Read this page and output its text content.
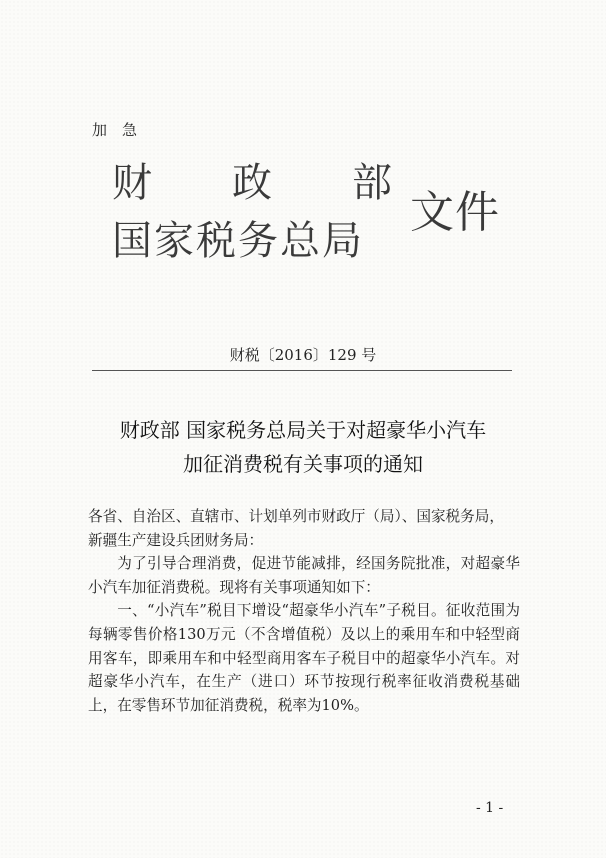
加急
财 政 部
国家税务总局
文件
财税〔2016〕129 号
财政部 国家税务总局关于对超豪华小汽车
加征消费税有关事项的通知

各省、自治区、直辖市、计划单列市财政厅（局）、国家税务局，

新疆生产建设兵团财务局：

为了引导合理消费，促进节能减排，经国务院批准，对超豪华小汽车加征消费税。现将有关事项通知如下：

一、“小汽车”税目下增设“超豪华小汽车”子税目。征收范围为每辆零售价格130万元（不含增值税）及以上的乘用车和中轻型商用客车，即乘用车和中轻型商用客车子税目中的超豪华小汽车。对超豪华小汽车，在生产（进口）环节按现行税率征收消费税基础上，在零售环节加征消费税，税率为10%。

- 1 -
